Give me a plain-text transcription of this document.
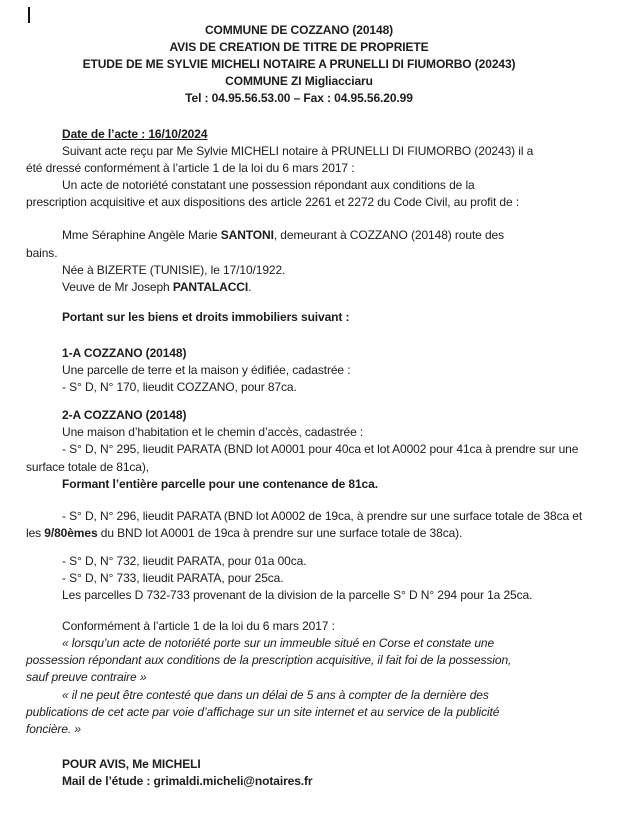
COMMUNE DE COZZANO (20148)
AVIS DE CREATION DE TITRE DE PROPRIETE
ETUDE DE ME SYLVIE MICHELI NOTAIRE A PRUNELLI DI FIUMORBO (20243)
COMMUNE ZI Migliacciaru
Tel : 04.95.56.53.00 – Fax : 04.95.56.20.99
Date de l’acte : 16/10/2024
Suivant acte reçu par Me Sylvie MICHELI notaire à PRUNELLI DI FIUMORBO (20243) il a
été dressé conformément à l’article 1 de la loi du 6 mars 2017 :
Un acte de notoriété constatant une possession répondant aux conditions de la
prescription acquisitive et aux dispositions des article 2261 et 2272 du Code Civil, au profit de :
Mme Séraphine Angèle Marie SANTONI, demeurant à COZZANO (20148) route des
bains.
Née à BIZERTE (TUNISIE), le 17/10/1922.
Veuve de Mr Joseph PANTALACCI.
Portant sur les biens et droits immobiliers suivant :
1-A COZZANO (20148)
Une parcelle de terre et la maison y édifiée, cadastrée :
- S° D, N° 170, lieudit COZZANO, pour 87ca.
2-A COZZANO (20148)
Une maison d’habitation et le chemin d’accès, cadastrée :
- S° D, N° 295, lieudit PARATA (BND lot A0001 pour 40ca et lot A0002 pour 41ca à prendre sur une
surface totale de 81ca),
Formant l’entière parcelle pour une contenance de 81ca.
- S° D, N° 296, lieudit PARATA (BND lot A0002 de 19ca, à prendre sur une surface totale de 38ca et
les 9/80èmes du BND lot A0001 de 19ca à prendre sur une surface totale de 38ca).
- S° D, N° 732, lieudit PARATA, pour 01a 00ca.
- S° D, N° 733, lieudit PARATA, pour 25ca.
Les parcelles D 732-733 provenant de la division de la parcelle S° D N° 294 pour 1a 25ca.
Conformément à l’article 1 de la loi du 6 mars 2017 :
« lorsqu’un acte de notoriété porte sur un immeuble situé en Corse et constate une
possession répondant aux conditions de la prescription acquisitive, il fait foi de la possession,
sauf preuve contraire »
« il ne peut être contesté que dans un délai de 5 ans à compter de la dernière des
publications de cet acte par voie d’affichage sur un site internet et au service de la publicité
foncière. »
POUR AVIS, Me MICHELI
Mail de l’étude : grimaldi.micheli@notaires.fr
